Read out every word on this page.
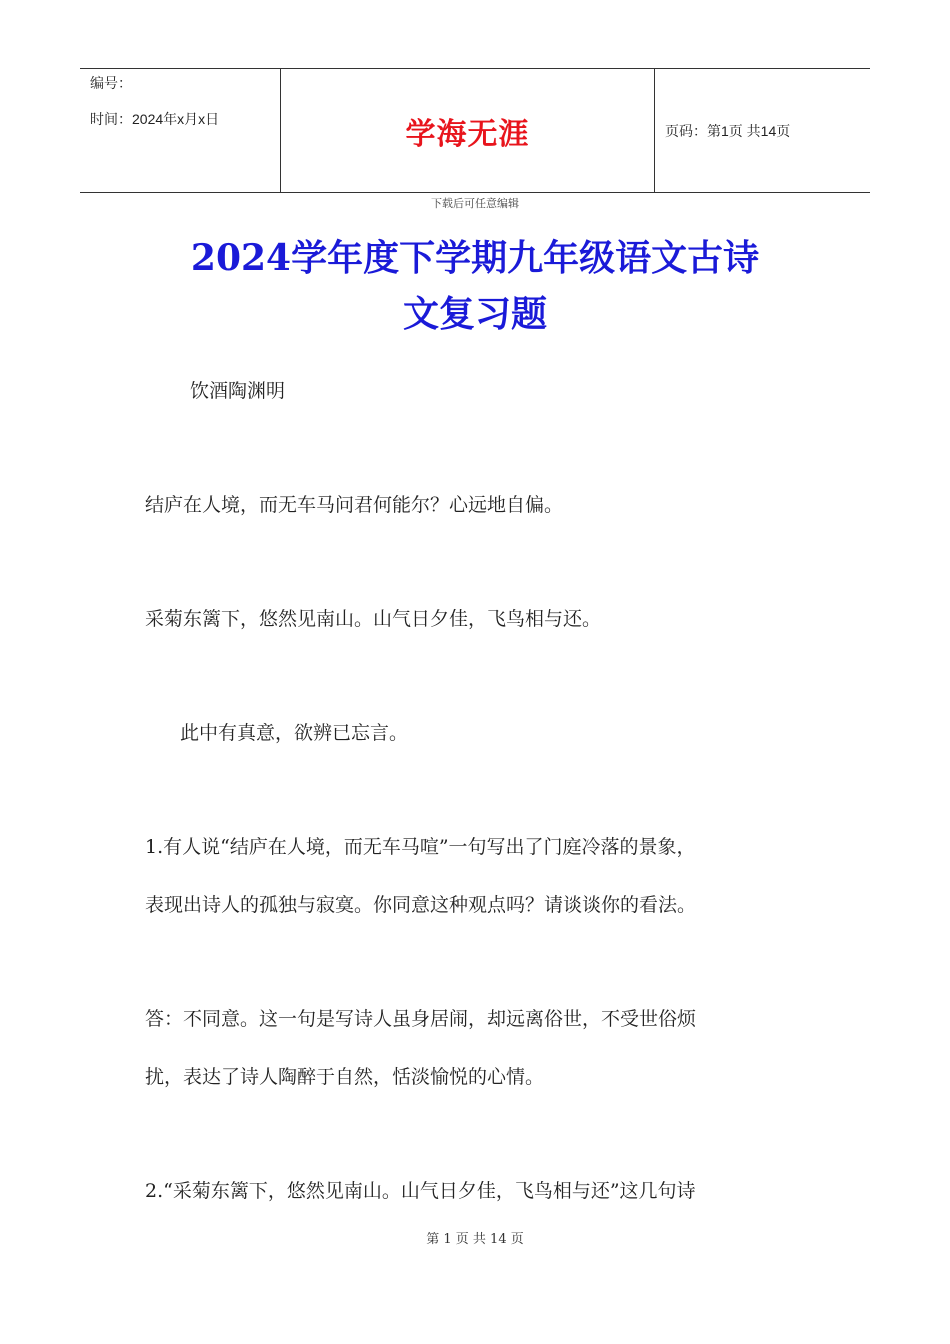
编号：
时间：2024年x月x日	学海无涯	页码：第1页 共14页
下载后可任意编辑
2024学年度下学期九年级语文古诗
文复习题
饮酒陶渊明
结庐在人境，而无车马问君何能尔？心远地自偏。
采菊东篱下，悠然见南山。山气日夕佳，飞鸟相与还。
此中有真意，欲辨已忘言。
1.有人说“结庐在人境，而无车马喧”一句写出了门庭冷落的景象，
表现出诗人的孤独与寂寞。你同意这种观点吗？请谈谈你的看法。
答：不同意。这一句是写诗人虽身居闹，却远离俗世，不受世俗烦
扰，表达了诗人陶醉于自然，恬淡愉悦的心情。
2.“采菊东篱下，悠然见南山。山气日夕佳，飞鸟相与还”这几句诗
第 1 页 共 14 页
